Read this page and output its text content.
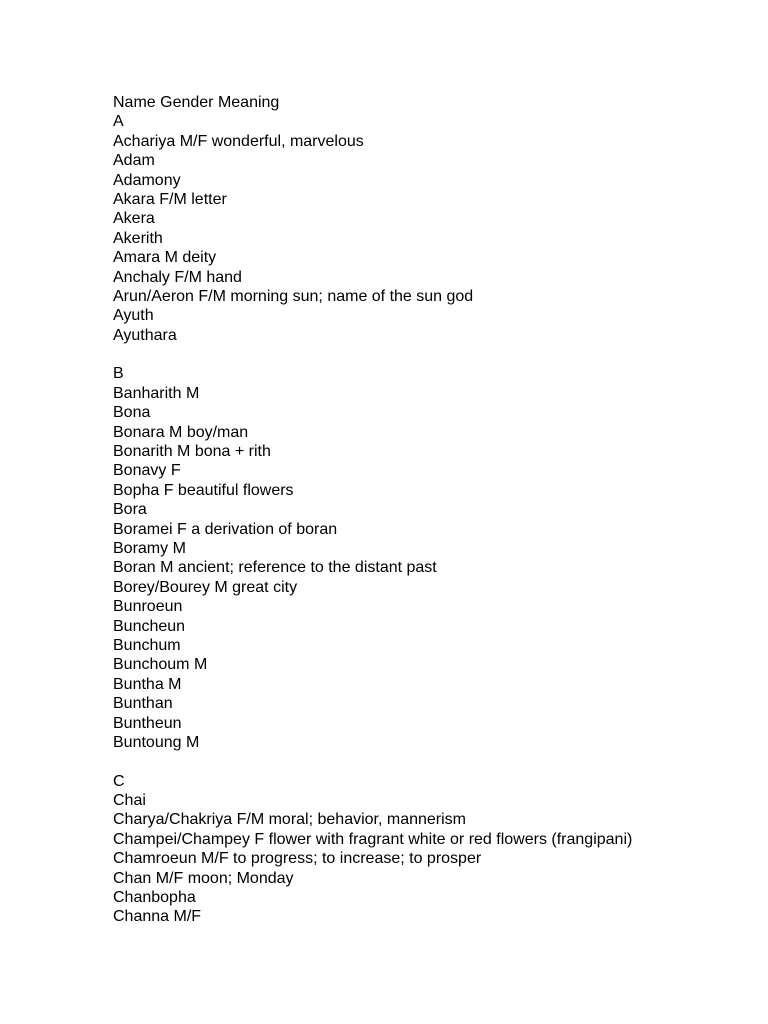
Name Gender Meaning
A
Achariya M/F wonderful, marvelous
Adam
Adamony
Akara F/M letter
Akera
Akerith
Amara M deity
Anchaly F/M hand
Arun/Aeron F/M morning sun; name of the sun god
Ayuth
Ayuthara
B
Banharith M
Bona
Bonara M boy/man
Bonarith M bona + rith
Bonavy F
Bopha F beautiful flowers
Bora
Boramei F a derivation of boran
Boramy M
Boran M ancient; reference to the distant past
Borey/Bourey M great city
Bunroeun
Buncheun
Bunchum
Bunchoum M
Buntha M
Bunthan
Buntheun
Buntoung M
C
Chai
Charya/Chakriya F/M moral; behavior, mannerism
Champei/Champey F flower with fragrant white or red flowers (frangipani)
Chamroeun M/F to progress; to increase; to prosper
Chan M/F moon; Monday
Chanbopha
Channa M/F
